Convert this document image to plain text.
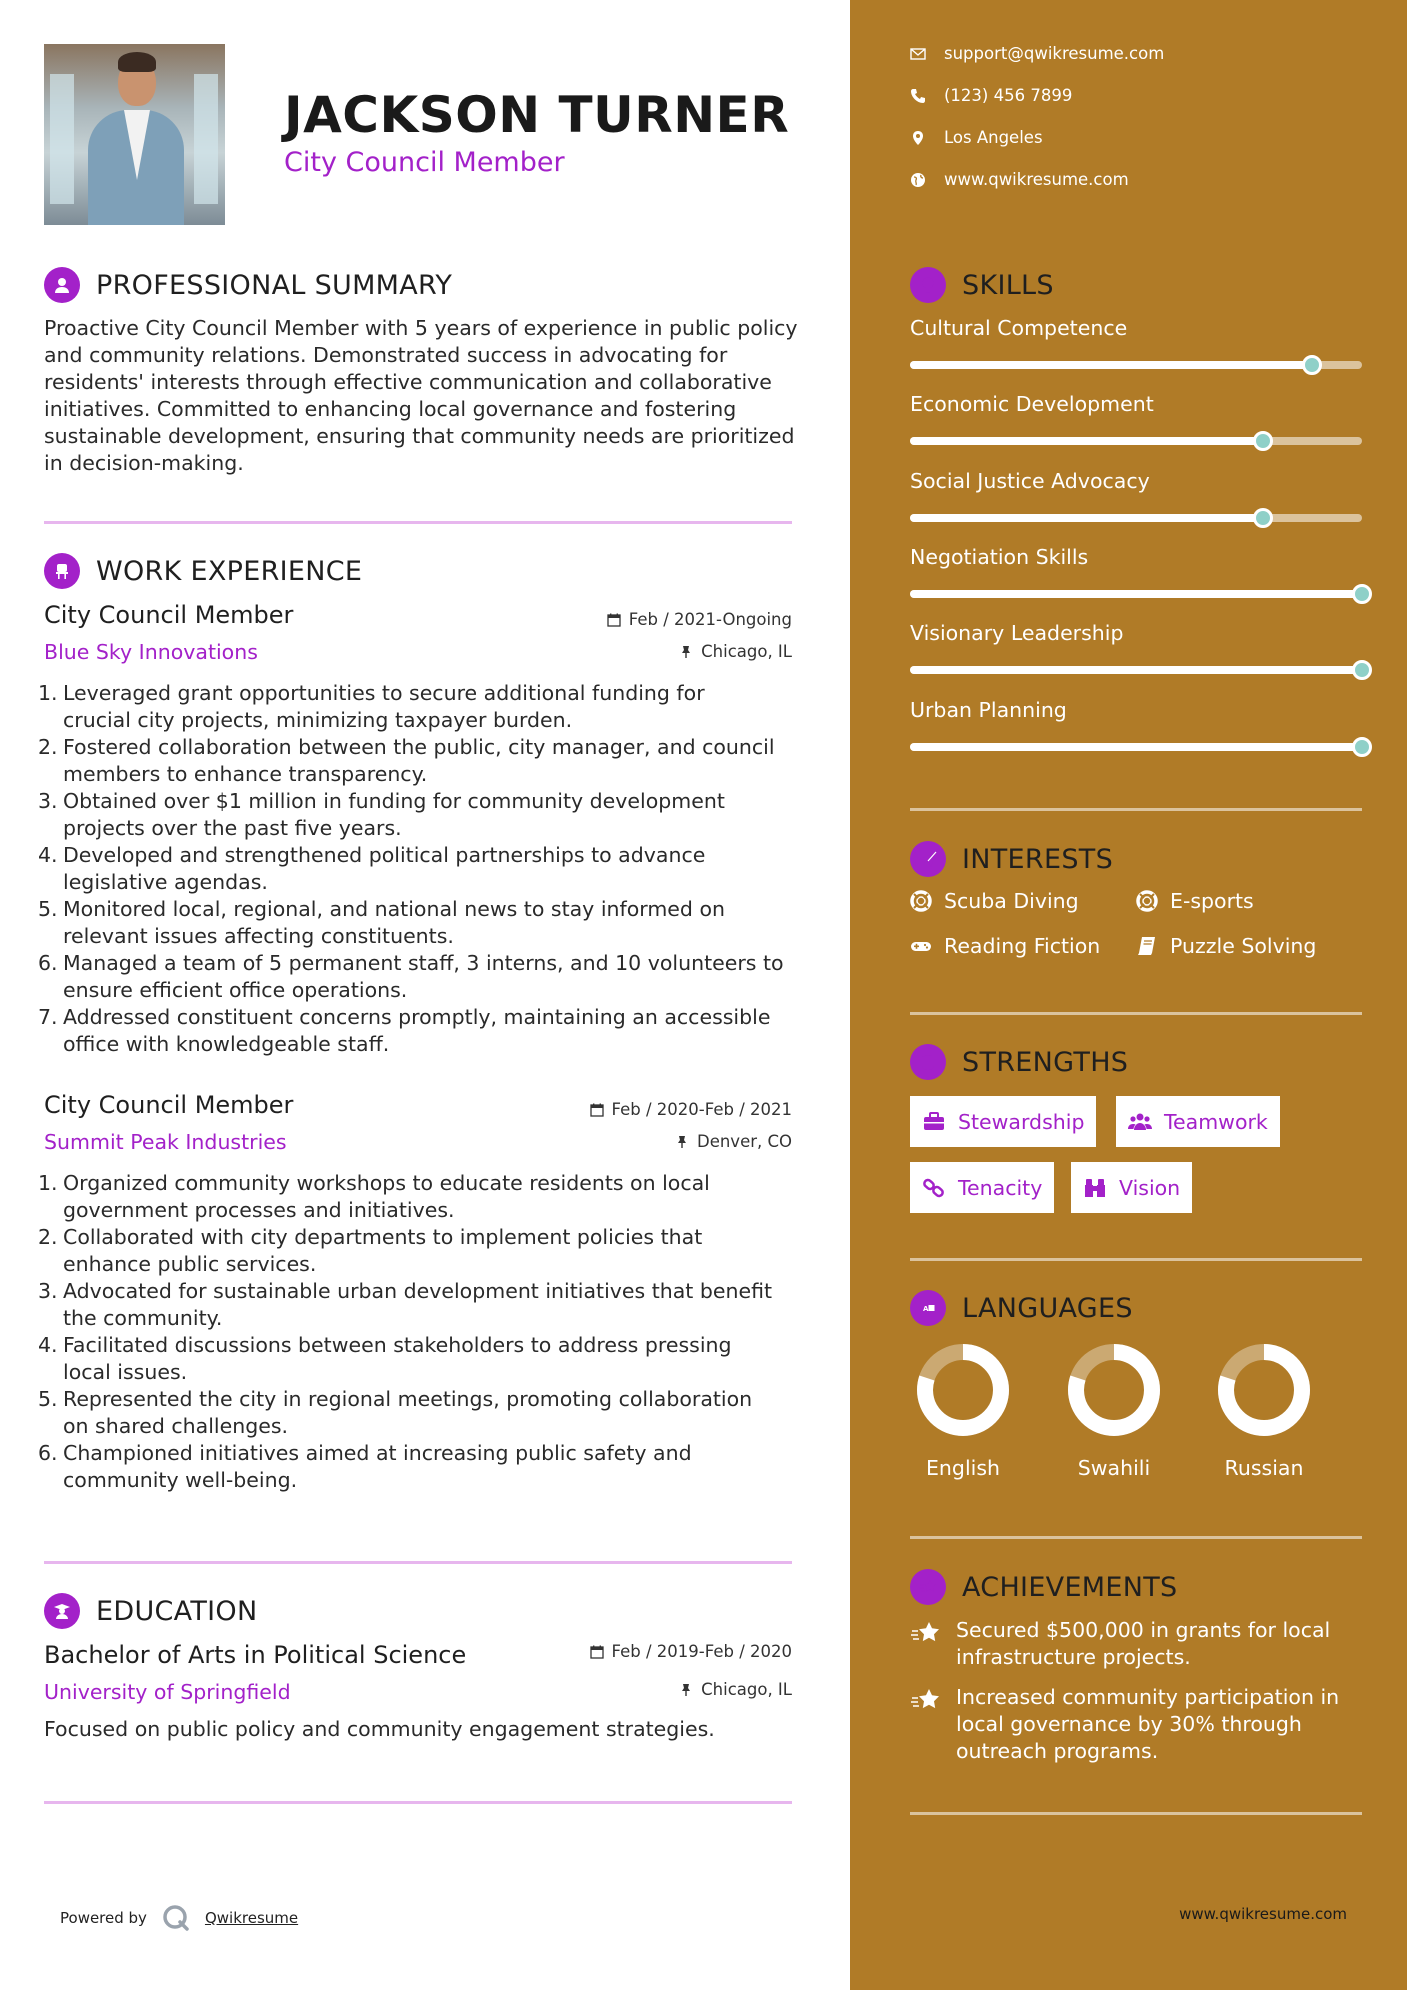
JACKSON TURNER
City Council Member
PROFESSIONAL SUMMARY
Proactive City Council Member with 5 years of experience in public policy and community relations. Demonstrated success in advocating for residents' interests through effective communication and collaborative initiatives. Committed to enhancing local governance and fostering sustainable development, ensuring that community needs are prioritized in decision-making.
WORK EXPERIENCE
City Council Member	Feb / 2021-Ongoing
Blue Sky Innovations	Chicago, IL
1. Leveraged grant opportunities to secure additional funding for
crucial city projects, minimizing taxpayer burden.
2. Fostered collaboration between the public, city manager, and council
members to enhance transparency.
3. Obtained over $1 million in funding for community development
projects over the past five years.
4. Developed and strengthened political partnerships to advance
legislative agendas.
5. Monitored local, regional, and national news to stay informed on
relevant issues affecting constituents.
6. Managed a team of 5 permanent staff, 3 interns, and 10 volunteers to
ensure efficient office operations.
7. Addressed constituent concerns promptly, maintaining an accessible
office with knowledgeable staff.
City Council Member	Feb / 2020-Feb / 2021
Summit Peak Industries	Denver, CO
1. Organized community workshops to educate residents on local
government processes and initiatives.
2. Collaborated with city departments to implement policies that
enhance public services.
3. Advocated for sustainable urban development initiatives that benefit
the community.
4. Facilitated discussions between stakeholders to address pressing
local issues.
5. Represented the city in regional meetings, promoting collaboration
on shared challenges.
6. Championed initiatives aimed at increasing public safety and
community well-being.
EDUCATION
Bachelor of Arts in Political Science	Feb / 2019-Feb / 2020
University of Springfield	Chicago, IL
Focused on public policy and community engagement strategies.
Powered by	Qwikresume
support@qwikresume.com
(123) 456 7899
Los Angeles
www.qwikresume.com
SKILLS
Cultural Competence
Economic Development
Social Justice Advocacy
Negotiation Skills
Visionary Leadership
Urban Planning
INTERESTS
Scuba Diving	E-sports
Reading Fiction	Puzzle Solving
STRENGTHS
Stewardship	Teamwork
Tenacity	Vision
A LANGUAGES
English	Swahili	Russian
ACHIEVEMENTS
Secured $500,000 in grants for local
infrastructure projects.
Increased community participation in
local governance by 30% through
outreach programs.
www.qwikresume.com
